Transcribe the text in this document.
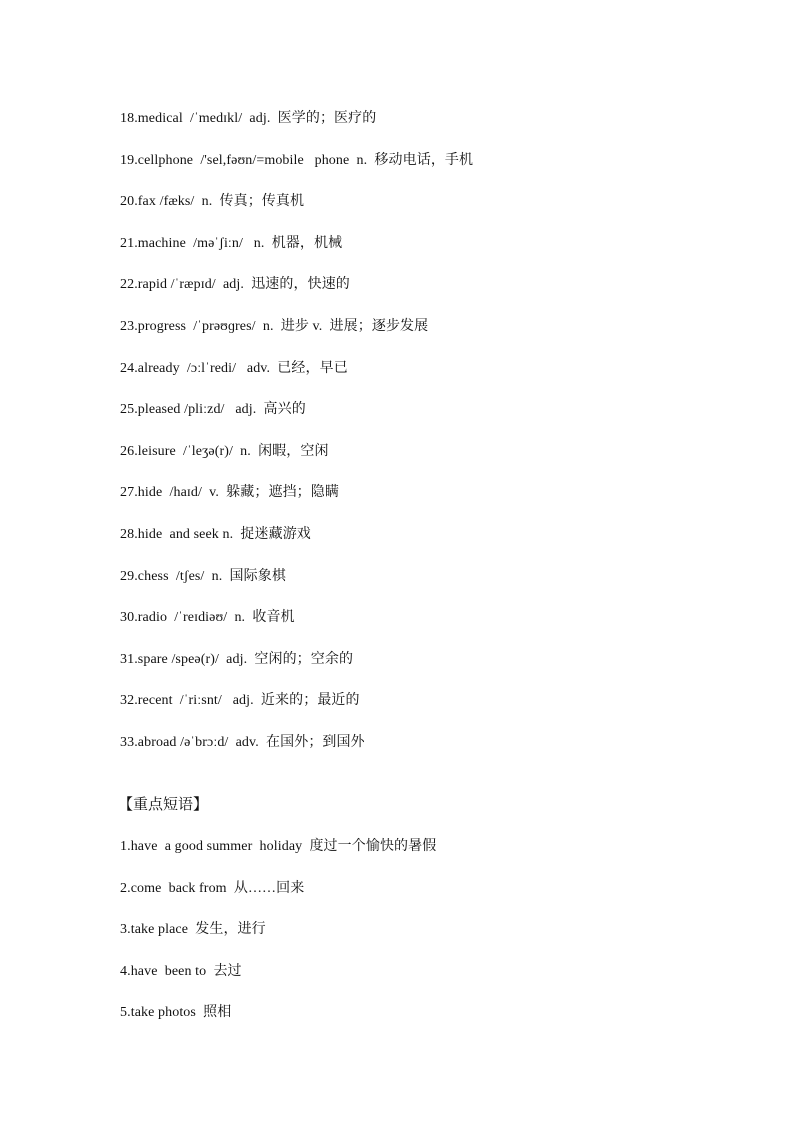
18.medical  /ˈmedɪkl/  adj.  医学的；医疗的
19.cellphone  /'sel,fəʊn/=mobile   phone  n.  移动电话，手机
20.fax /fæks/  n.  传真；传真机
21.machine  /məˈʃiːn/   n.  机器，机械
22.rapid /ˈræpɪd/  adj.  迅速的，快速的
23.progress  /ˈprəʊɡres/  n.  进步 v.  进展；逐步发展
24.already  /ɔːlˈredi/   adv.  已经，早已
25.pleased /pliːzd/   adj.  高兴的
26.leisure  /ˈleʒə(r)/  n.  闲暇，空闲
27.hide  /haɪd/  v.  躲藏；遮挡；隐瞒
28.hide  and seek n.  捉迷藏游戏
29.chess  /tʃes/  n.  国际象棋
30.radio  /ˈreɪdiəʊ/  n.  收音机
31.spare /speə(r)/  adj.  空闲的；空余的
32.recent  /ˈriːsnt/   adj.  近来的；最近的
33.abroad /əˈbrɔːd/  adv.  在国外；到国外
【重点短语】
1.have  a good summer  holiday  度过一个愉快的暑假
2.come  back from  从……回来
3.take place  发生，进行
4.have  been to  去过
5.take photos  照相
